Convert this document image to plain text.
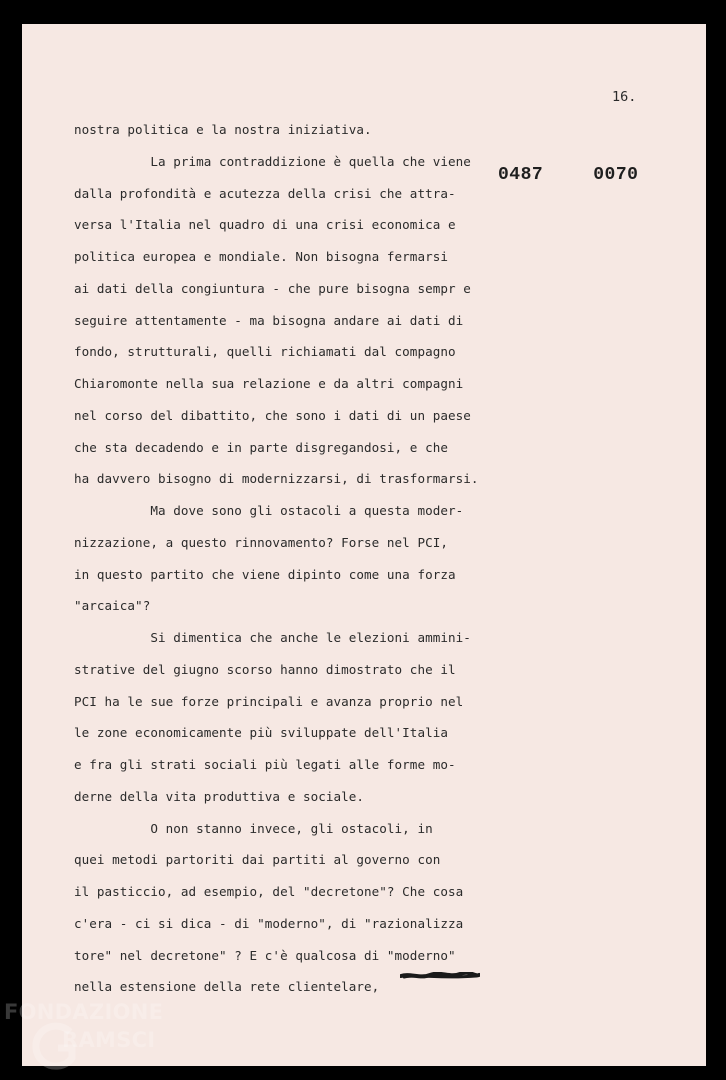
16.
0487	0070
nostra politica e la nostra iniziativa.
La prima contraddizione è quella che viene
dalla profondità e acutezza della crisi che attra-
versa l'Italia nel quadro di una crisi economica e
politica europea e mondiale. Non bisogna fermarsi
ai dati della congiuntura - che pure bisogna sempr e
seguire attentamente - ma bisogna andare ai dati di
fondo, strutturali, quelli richiamati dal compagno
Chiaromonte nella sua relazione e da altri compagni
nel corso del dibattito, che sono i dati di un paese
che sta decadendo e in parte disgregandosi, e che
ha davvero bisogno di modernizzarsi, di trasformarsi.
Ma dove sono gli ostacoli a questa moder-
nizzazione, a questo rinnovamento? Forse nel PCI,
in questo partito che viene dipinto come una forza
"arcaica"?
Si dimentica che anche le elezioni ammini-
strative del giugno scorso hanno dimostrato che il
PCI ha le sue forze principali e avanza proprio nel
le zone economicamente più sviluppate dell'Italia
e fra gli strati sociali più legati alle forme mo-
derne della vita produttiva e sociale.
O non stanno invece, gli ostacoli, in
quei metodi partoriti dai partiti al governo con
il pasticcio, ad esempio, del "decretone"? Che cosa
c'era - ci si dica - di "moderno", di "razionalizza
tore" nel decretone" ? E c'è qualcosa di "moderno"
nella estensione della rete clientelare,
FONDAZIONE
RAMSCI
